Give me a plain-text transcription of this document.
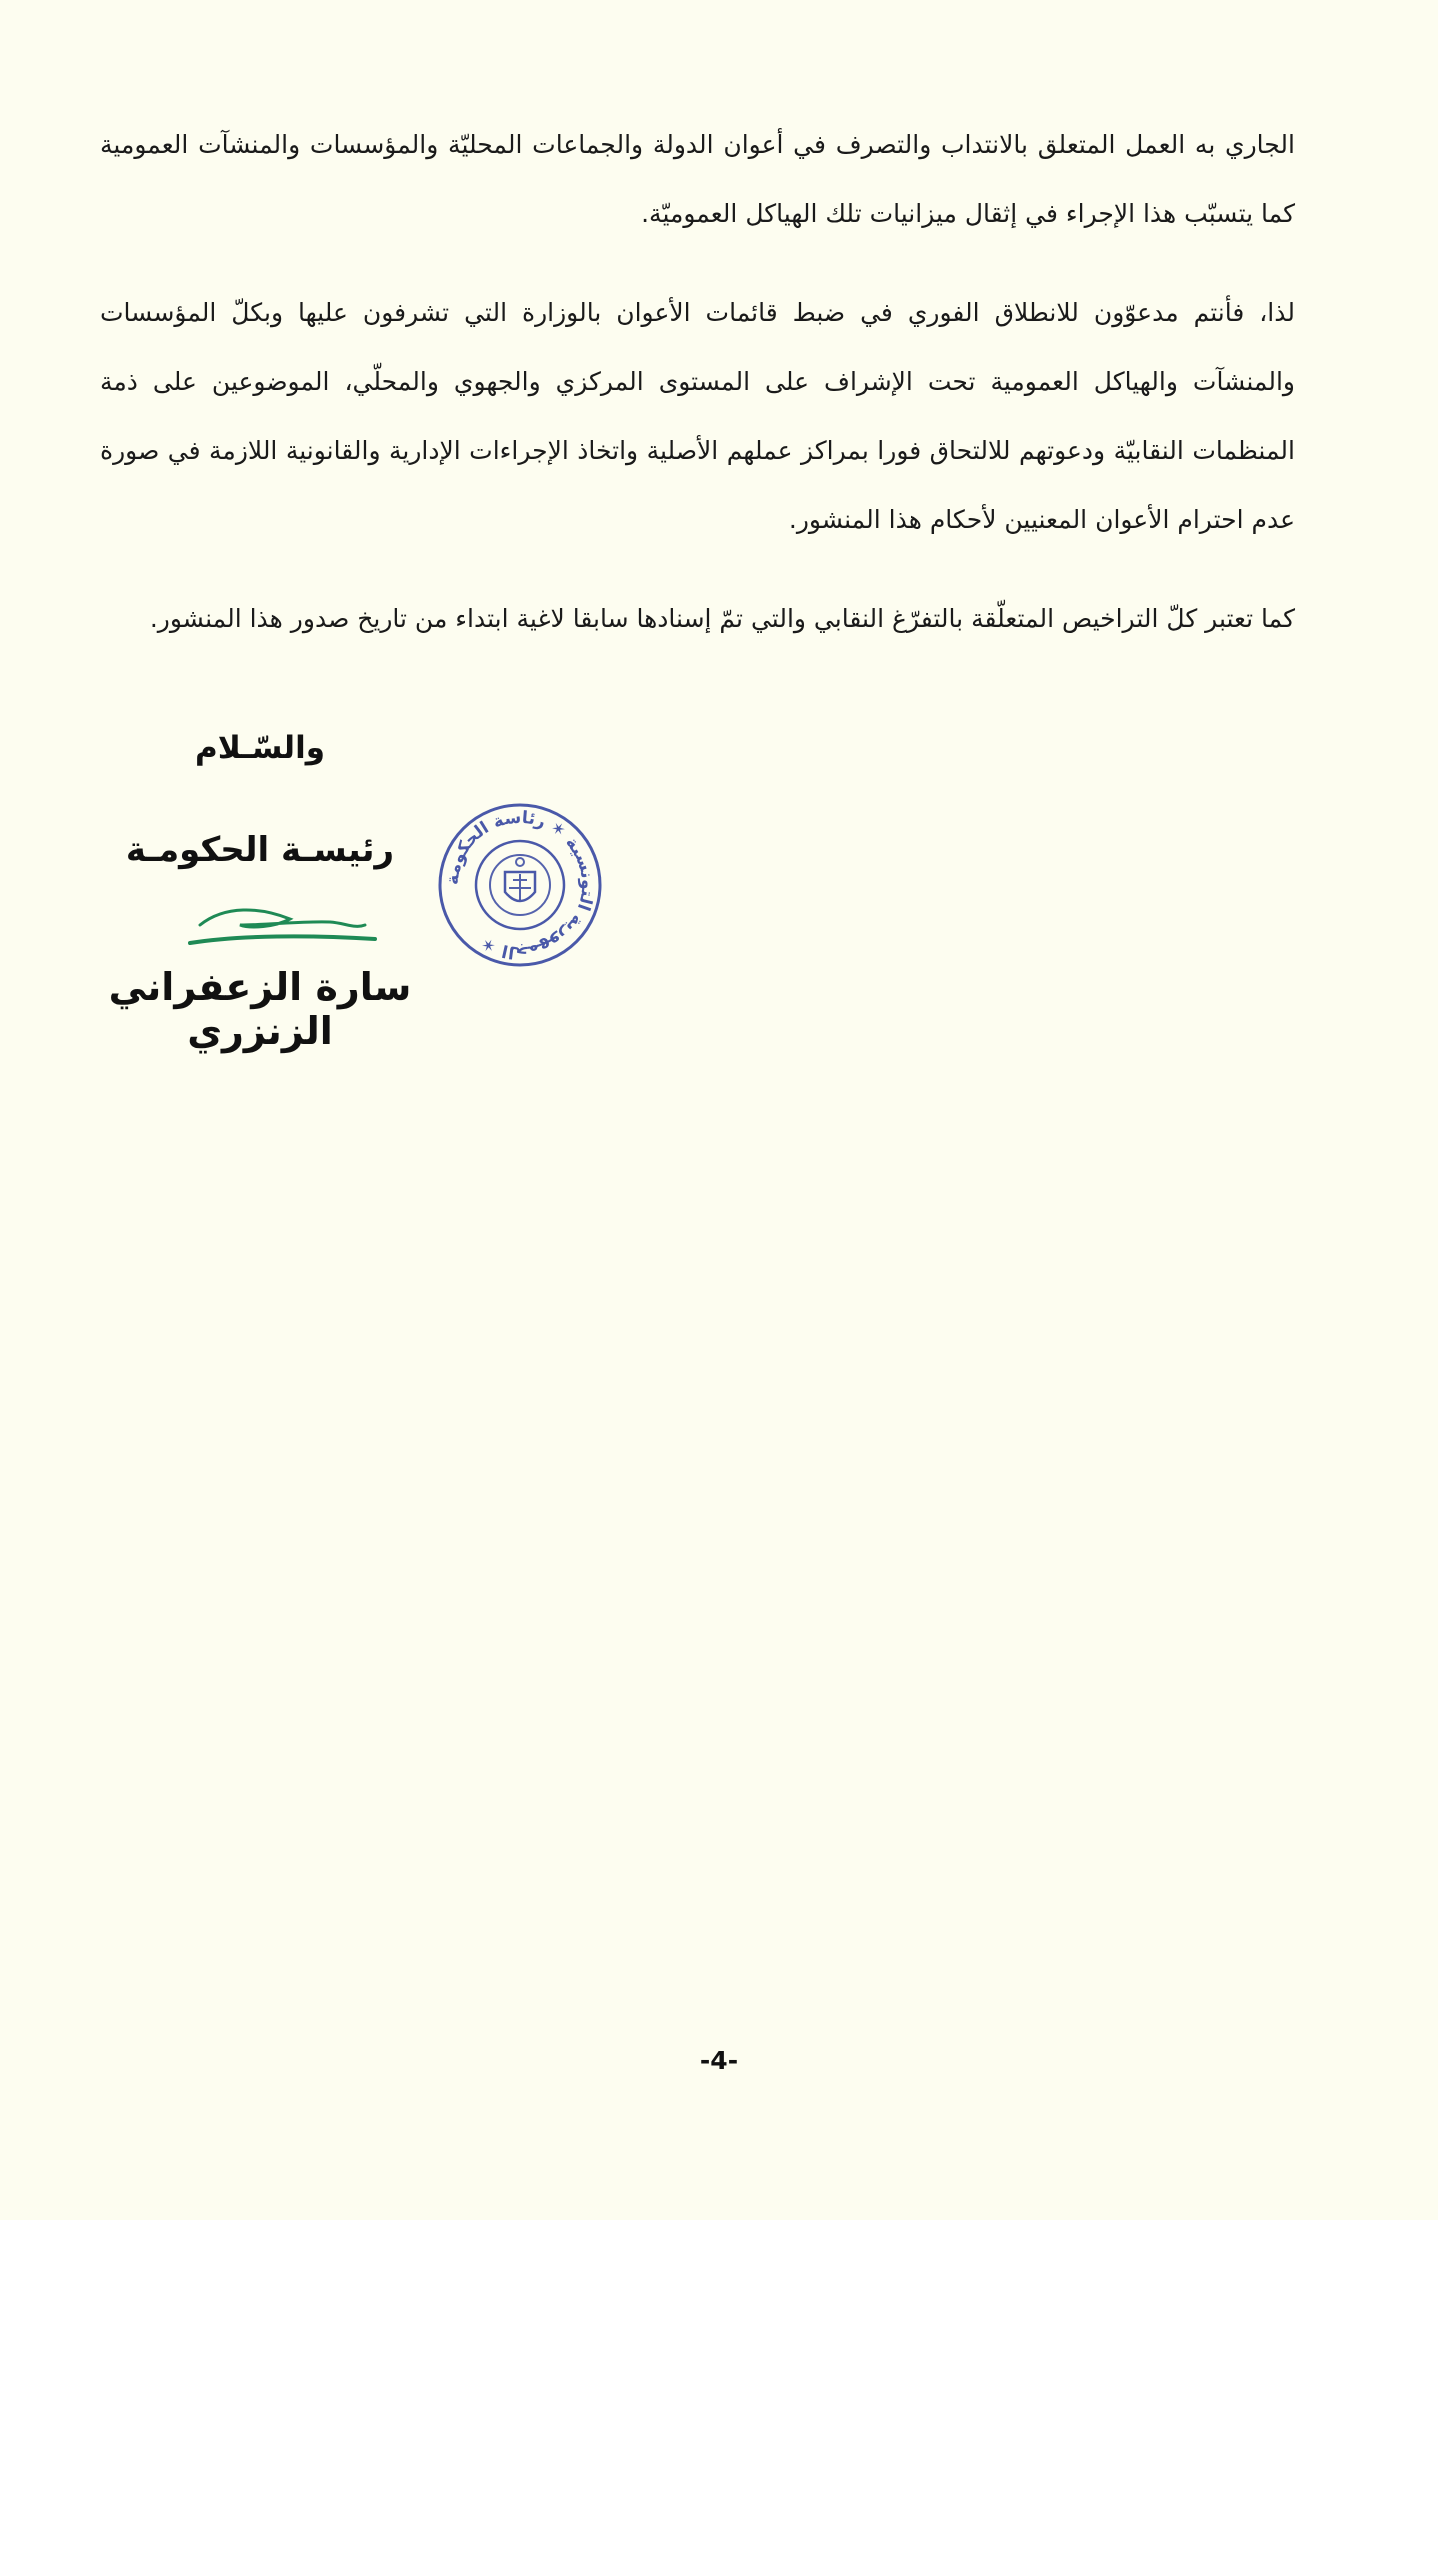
الجاري به العمل المتعلق بالانتداب والتصرف في أعوان الدولة والجماعات المحليّة والمؤسسات والمنشآت العمومية كما يتسبّب هذا الإجراء في إثقال ميزانيات تلك الهياكل العموميّة.

لذا، فأنتم مدعوّون للانطلاق الفوري في ضبط قائمات الأعوان بالوزارة التي تشرفون عليها وبكلّ المؤسسات والمنشآت والهياكل العمومية تحت الإشراف على المستوى المركزي والجهوي والمحلّي، الموضوعين على ذمة المنظمات النقابيّة ودعوتهم للالتحاق فورا بمراكز عملهم الأصلية واتخاذ الإجراءات الإدارية والقانونية اللازمة في صورة عدم احترام الأعوان المعنيين لأحكام هذا المنشور.

كما تعتبر كلّ التراخيص المتعلّقة بالتفرّغ النقابي والتي تمّ إسنادها سابقا لاغية ابتداء من تاريخ صدور هذا المنشور.

والسّـلام
رئيسـة الحكومـة
سارة الزعفراني الزنزري
الجمهورية التونسية ✶ رئاسة الحكومة ✶
-4-
